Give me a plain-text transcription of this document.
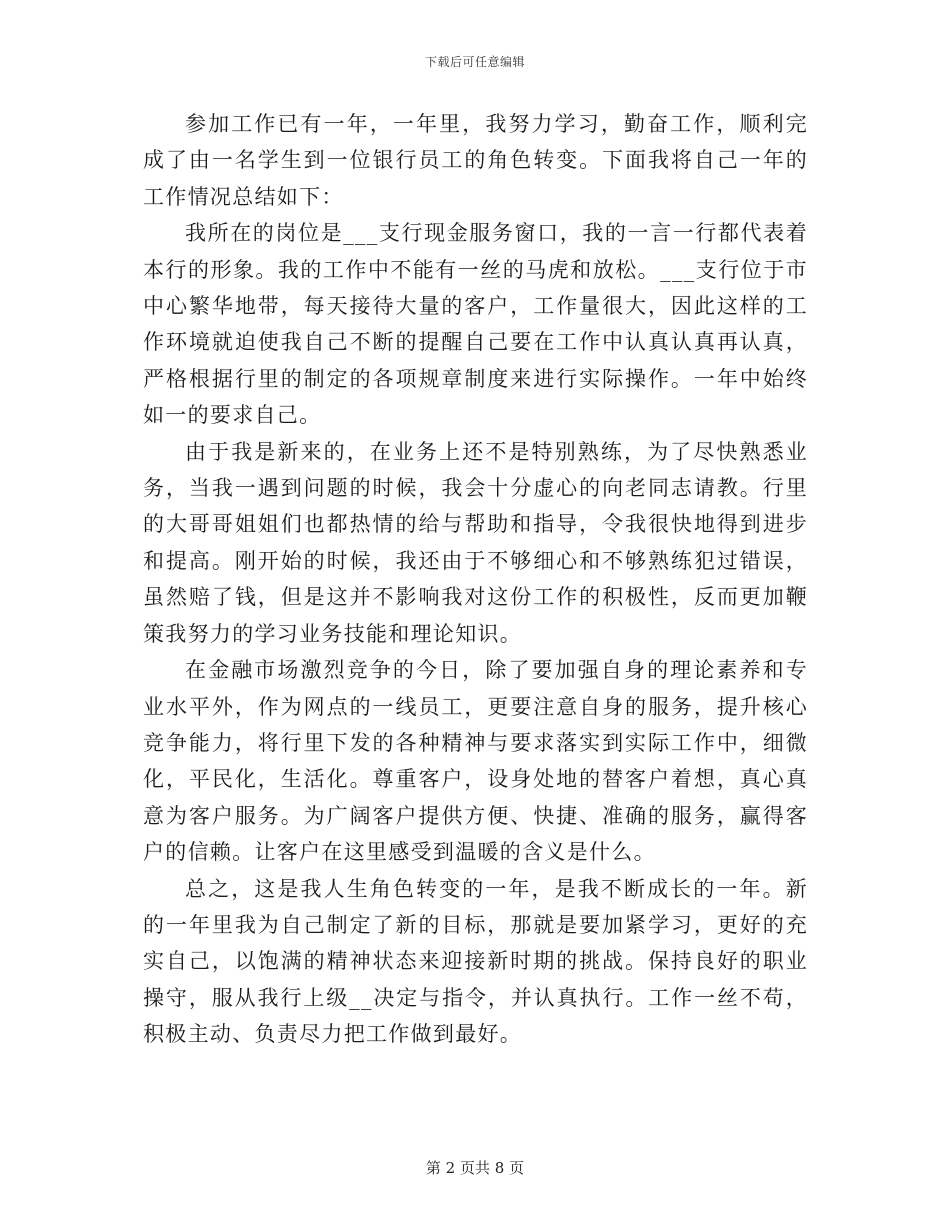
下载后可任意编辑

参加工作已有一年，一年里，我努力学习，勤奋工作，顺利完成了由一名学生到一位银行员工的角色转变。下面我将自己一年的工作情况总结如下：

我所在的岗位是___支行现金服务窗口，我的一言一行都代表着本行的形象。我的工作中不能有一丝的马虎和放松。___支行位于市中心繁华地带，每天接待大量的客户，工作量很大，因此这样的工作环境就迫使我自己不断的提醒自己要在工作中认真认真再认真，严格根据行里的制定的各项规章制度来进行实际操作。一年中始终如一的要求自己。

由于我是新来的，在业务上还不是特别熟练，为了尽快熟悉业务，当我一遇到问题的时候，我会十分虚心的向老同志请教。行里的大哥哥姐姐们也都热情的给与帮助和指导，令我很快地得到进步和提高。刚开始的时候，我还由于不够细心和不够熟练犯过错误，虽然赔了钱，但是这并不影响我对这份工作的积极性，反而更加鞭策我努力的学习业务技能和理论知识。

在金融市场激烈竞争的今日，除了要加强自身的理论素养和专业水平外，作为网点的一线员工，更要注意自身的服务，提升核心竞争能力，将行里下发的各种精神与要求落实到实际工作中，细微化，平民化，生活化。尊重客户，设身处地的替客户着想，真心真意为客户服务。为广阔客户提供方便、快捷、准确的服务，赢得客户的信赖。让客户在这里感受到温暖的含义是什么。

总之，这是我人生角色转变的一年，是我不断成长的一年。新的一年里我为自己制定了新的目标，那就是要加紧学习，更好的充实自己，以饱满的精神状态来迎接新时期的挑战。保持良好的职业操守，服从我行上级__决定与指令，并认真执行。工作一丝不苟，积极主动、负责尽力把工作做到最好。

第 2 页共 8 页
